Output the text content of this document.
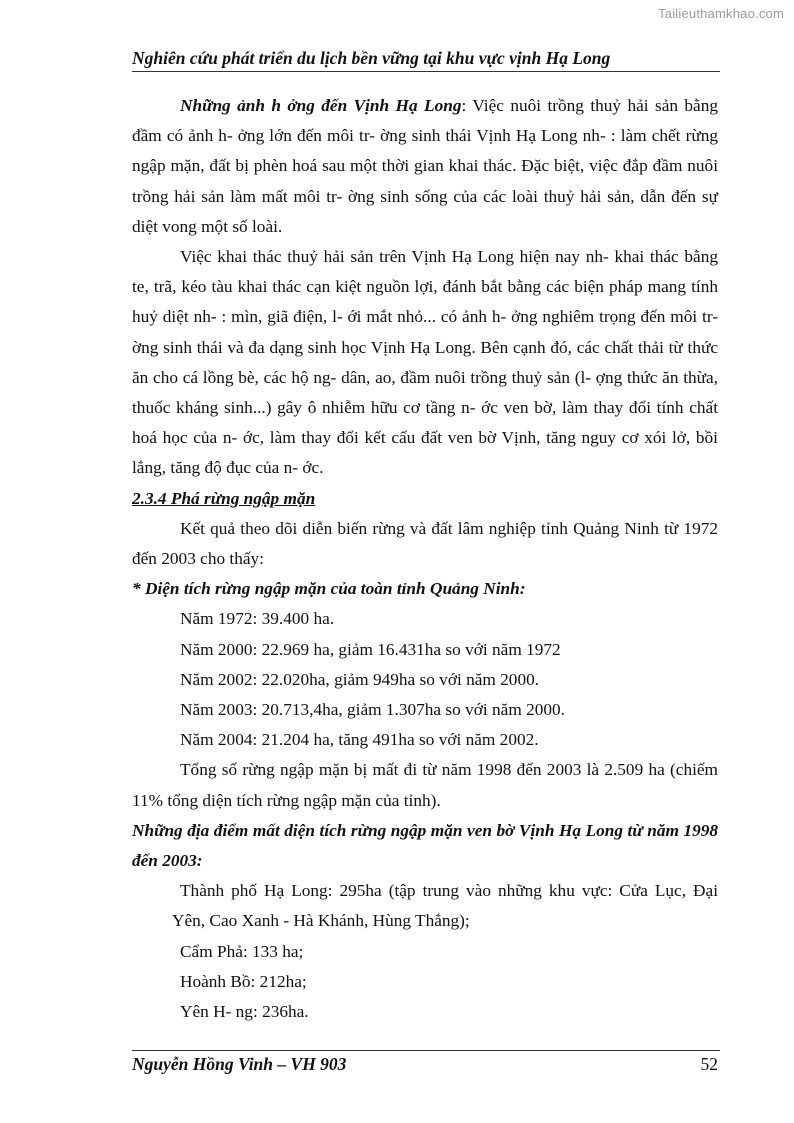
Tailieuthamkhao.com
Nghiên cứu phát triển du lịch bền vững tại khu vực vịnh Hạ Long

Những ảnh h ởng đến Vịnh Hạ Long: Việc nuôi trồng thuỷ hải sản bằng đầm có ảnh h- ởng lớn đến môi tr- ờng sinh thái Vịnh Hạ Long nh- : làm chết rừng ngập mặn, đất bị phèn hoá sau một thời gian khai thác. Đặc biệt, việc đắp đầm nuôi trồng hải sản làm mất môi tr- ờng sinh sống của các loài thuỷ hải sản, dẫn đến sự diệt vong một số loài.

Việc khai thác thuỷ hải sản trên Vịnh Hạ Long hiện nay nh- khai thác bằng te, trã, kéo tàu khai thác cạn kiệt nguồn lợi, đánh bắt bằng các biện pháp mang tính huỷ diệt nh- : mìn, giã điện, l- ới mắt nhỏ... có ảnh h- ởng nghiêm trọng đến môi tr- ờng sinh thái và đa dạng sinh học Vịnh Hạ Long. Bên cạnh đó, các chất thải từ thức ăn cho cá lồng bè, các hộ ng- dân, ao, đầm nuôi trồng thuỷ sản (l- ợng thức ăn thừa, thuốc kháng sinh...) gây ô nhiễm hữu cơ tầng n- ớc ven bờ, làm thay đổi tính chất hoá học của n- ớc, làm thay đổi kết cấu đất ven bờ Vịnh, tăng nguy cơ xói lở, bồi lắng, tăng độ đục của n- ớc.

2.3.4 Phá rừng ngập mặn

Kết quả theo dõi diễn biến rừng và đất lâm nghiệp tỉnh Quảng Ninh từ 1972 đến 2003 cho thấy:

* Diện tích rừng ngập mặn của toàn tỉnh Quảng Ninh:

Năm 1972: 39.400 ha.

Năm 2000: 22.969 ha, giảm 16.431ha so với năm 1972

Năm 2002: 22.020ha, giảm 949ha so với năm 2000.

Năm 2003: 20.713,4ha, giảm 1.307ha so với năm 2000.

Năm 2004: 21.204 ha, tăng 491ha so với năm 2002.

Tổng số rừng ngập mặn bị mất đi từ năm 1998 đến 2003 là 2.509 ha (chiếm 11% tổng diện tích rừng ngập mặn của tỉnh).

Những địa điểm mất diện tích rừng ngập mặn ven bờ Vịnh Hạ Long từ năm 1998 đến 2003:

Thành phố Hạ Long: 295ha (tập trung vào những khu vực: Cửa Lục, Đại Yên, Cao Xanh - Hà Khánh, Hùng Thắng);

Cẩm Phả: 133 ha;

Hoành Bồ: 212ha;

Yên H- ng: 236ha.

Nguyễn Hồng Vinh – VH 903	52
